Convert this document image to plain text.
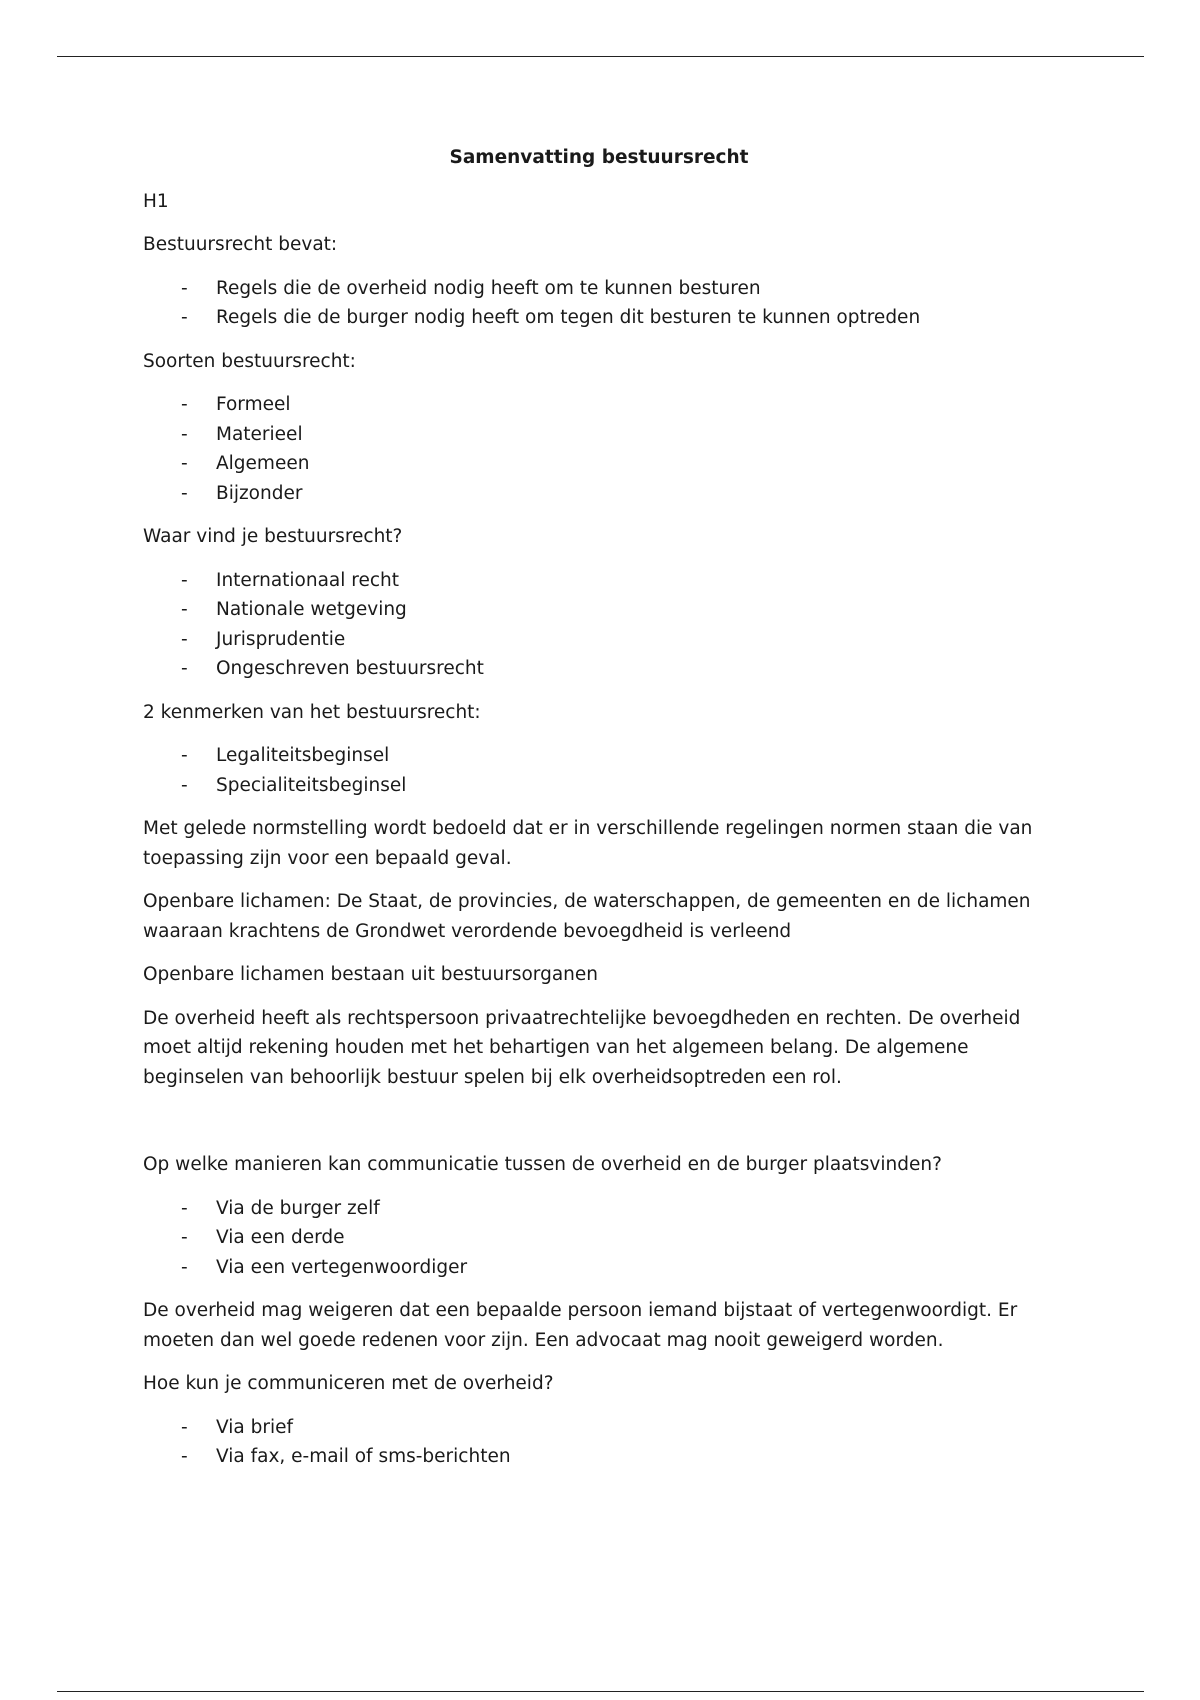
Samenvatting bestuursrecht
H1
Bestuursrecht bevat:
- Regels die de overheid nodig heeft om te kunnen besturen
- Regels die de burger nodig heeft om tegen dit besturen te kunnen optreden
Soorten bestuursrecht:
- Formeel
- Materieel
- Algemeen
- Bijzonder
Waar vind je bestuursrecht?
- Internationaal recht
- Nationale wetgeving
- Jurisprudentie
- Ongeschreven bestuursrecht
2 kenmerken van het bestuursrecht:
- Legaliteitsbeginsel
- Specialiteitsbeginsel
Met gelede normstelling wordt bedoeld dat er in verschillende regelingen normen staan die van toepassing zijn voor een bepaald geval.
Openbare lichamen: De Staat, de provincies, de waterschappen, de gemeenten en de lichamen waaraan krachtens de Grondwet verordende bevoegdheid is verleend
Openbare lichamen bestaan uit bestuursorganen
De overheid heeft als rechtspersoon privaatrechtelijke bevoegdheden en rechten. De overheid moet altijd rekening houden met het behartigen van het algemeen belang. De algemene beginselen van behoorlijk bestuur spelen bij elk overheidsoptreden een rol.
Op welke manieren kan communicatie tussen de overheid en de burger plaatsvinden?
- Via de burger zelf
- Via een derde
- Via een vertegenwoordiger
De overheid mag weigeren dat een bepaalde persoon iemand bijstaat of vertegenwoordigt. Er moeten dan wel goede redenen voor zijn. Een advocaat mag nooit geweigerd worden.
Hoe kun je communiceren met de overheid?
- Via brief
- Via fax, e-mail of sms-berichten
